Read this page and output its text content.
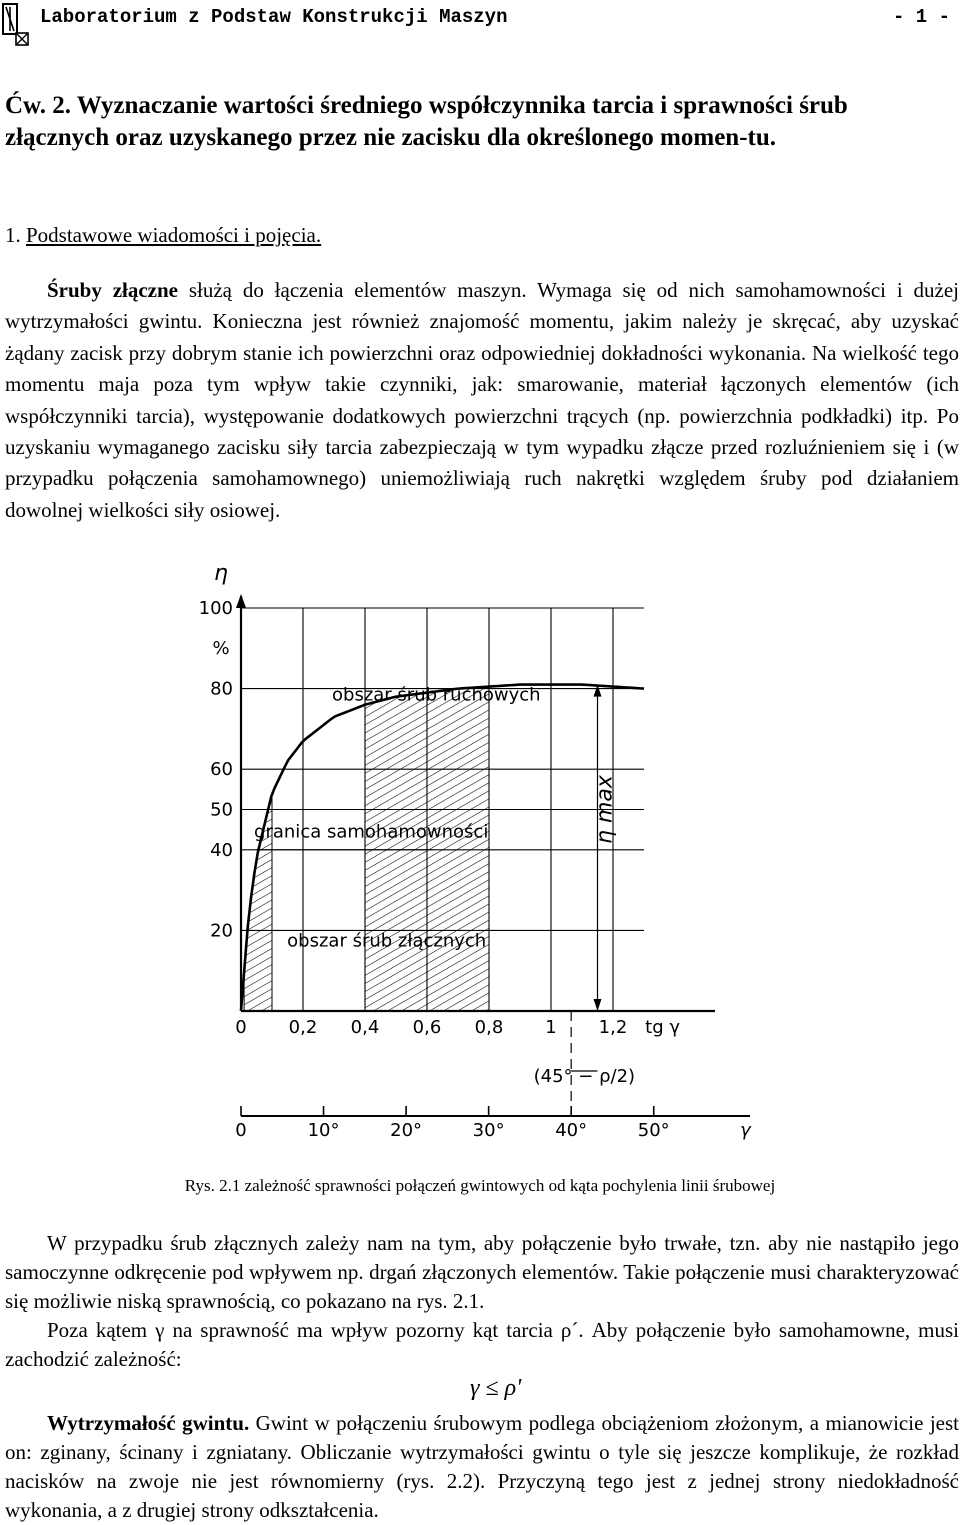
Laboratorium z Podstaw Konstrukcji Maszyn	- 1 -
Ćw. 2. Wyznaczanie wartości średniego współczynnika tarcia i sprawności śrub złącznych oraz uzyskanego przez nie zacisku dla określonego momen-tu.
1. Podstawowe wiadomości i pojęcia.
Śruby złączne służą do łączenia elementów maszyn. Wymaga się od nich samohamowności i dużej wytrzymałości gwintu. Konieczna jest również znajomość momentu, jakim należy je skręcać, aby uzyskać żądany zacisk przy dobrym stanie ich powierzchni oraz odpowiedniej dokładności wykonania. Na wielkość tego momentu maja poza tym wpływ takie czynniki, jak: smarowanie, materiał łączonych elementów (ich współczynniki tarcia), występowanie dodatkowych powierzchni trących (np. powierzchnia podkładki) itp. Po uzyskaniu wymaganego zacisku siły tarcia zabezpieczają w tym wypadku złącze przed rozluźnieniem się i (w przypadku połączenia samohamownego) uniemożliwiają ruch nakrętki względem śruby pod działaniem dowolnej wielkości siły osiowej.
η max
η
%
100
80
60
50
40
20
0 0,2 0,4 0,6 0,8 1 1,2 tg γ
obszar śrub ruchowych
granica samohamowności
obszar śrub złącznych
0	10°	20°	30°	40°	50°	γ
(45° − ρ/2)
Rys. 2.1 zależność sprawności połączeń gwintowych od kąta pochylenia linii śrubowej
W przypadku śrub złącznych zależy nam na tym, aby połączenie było trwałe, tzn. aby nie nastąpiło jego samoczynne odkręcenie pod wpływem np. drgań złączonych elementów. Takie połączenie musi charakteryzować się możliwie niską sprawnością, co pokazano na rys. 2.1.
Poza kątem γ na sprawność ma wpływ pozorny kąt tarcia ρ´. Aby połączenie było samohamowne, musi zachodzić zależność:
γ ≤ ρ'
Wytrzymałość gwintu. Gwint w połączeniu śrubowym podlega obciążeniom złożonym, a mianowicie jest on: zginany, ścinany i zgniatany. Obliczanie wytrzymałości gwintu o tyle się jeszcze komplikuje, że rozkład nacisków na zwoje nie jest równomierny (rys. 2.2). Przyczyną tego jest z jednej strony niedokładność wykonania, a z drugiej strony odkształcenia.
